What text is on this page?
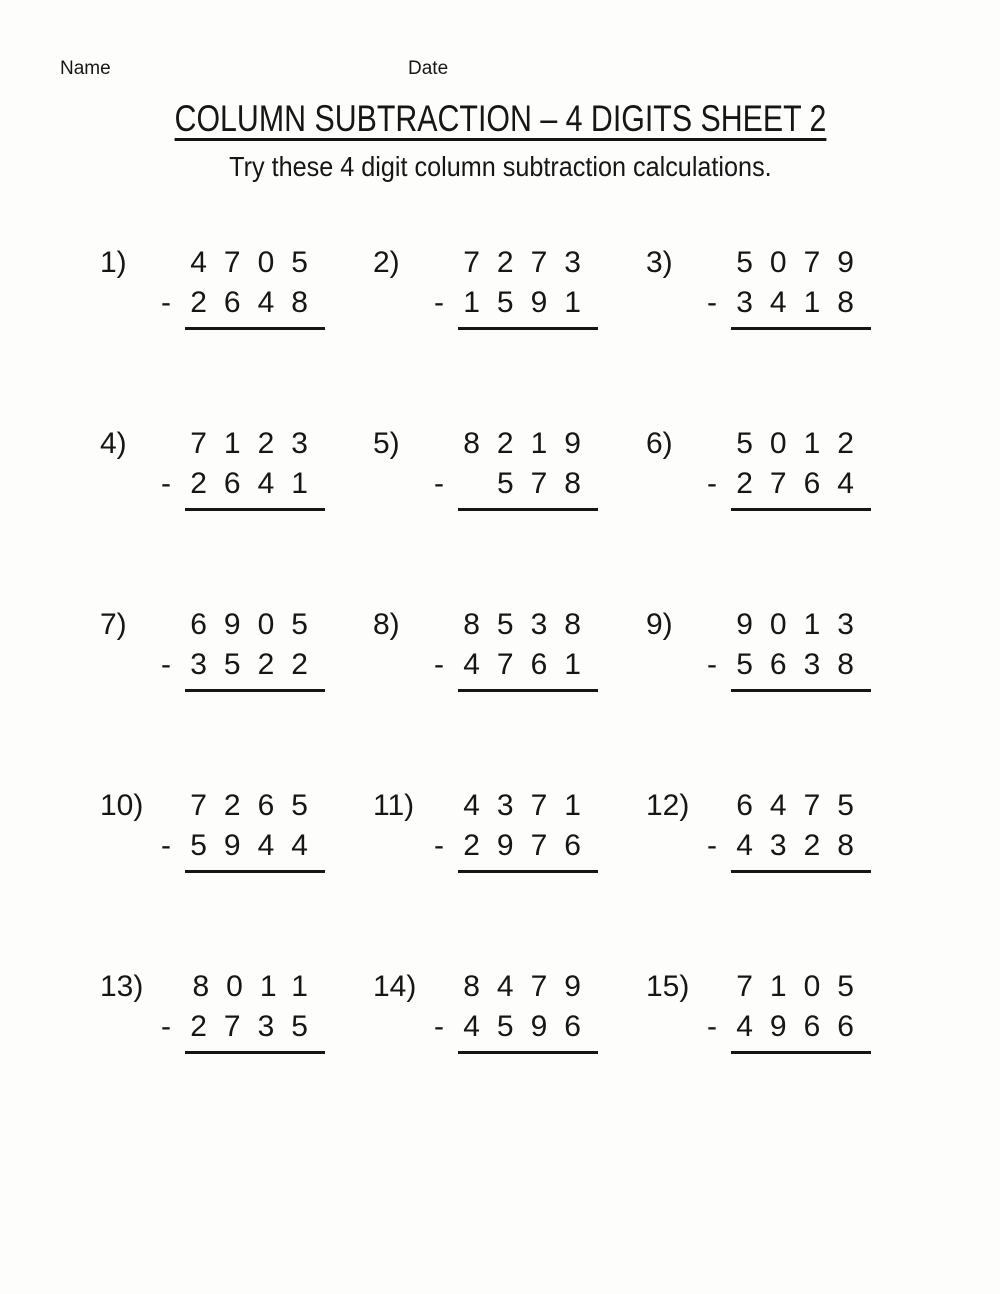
Name	Date
COLUMN SUBTRACTION – 4 DIGITS SHEET 2
Try these 4 digit column subtraction calculations.
1)	4705
- 2648
2)	7273
- 1591
3)	5079
- 3418
4)	7123
- 2641
5)	8219
-	578
6)	5012
- 2764
7)	6905
- 3522
8)	8538
- 4761
9)	9013
- 5638
10)	7265
- 5944
11)	4371
- 2976
12)	6475
- 4328
13)	8011
- 2735
14)	8479
- 4596
15)	7105
- 4966
